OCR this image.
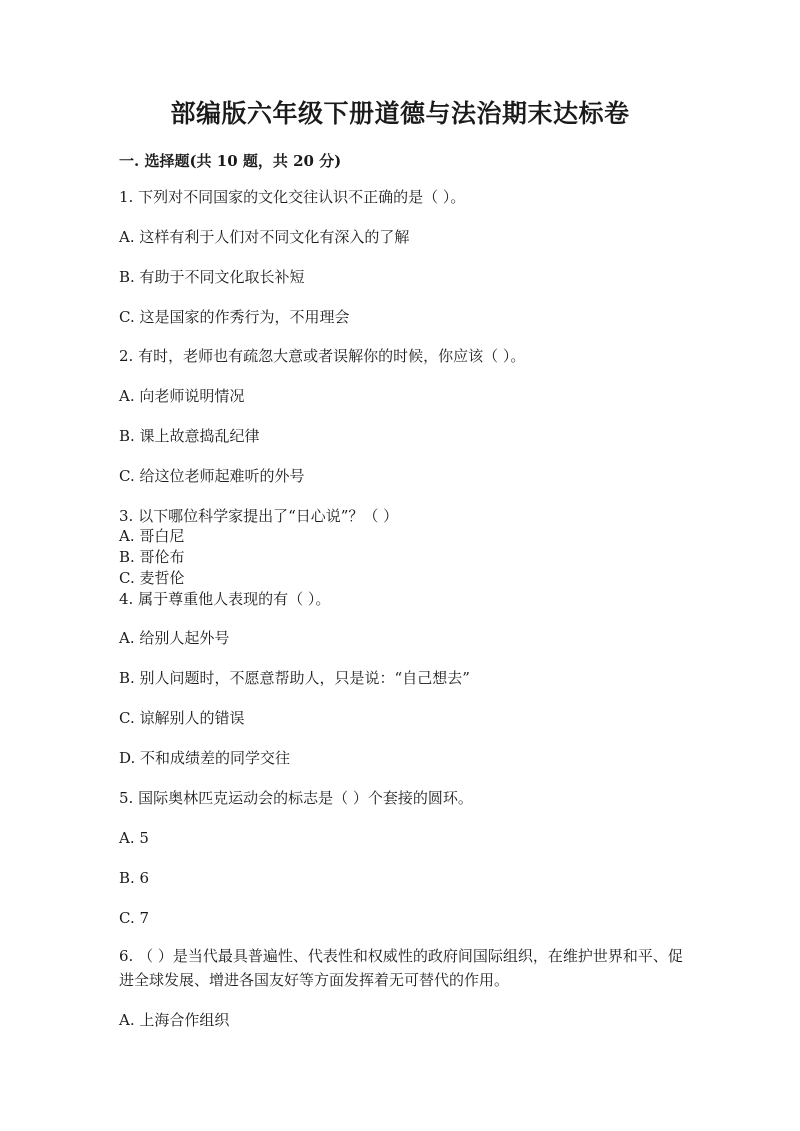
部编版六年级下册道德与法治期末达标卷
一. 选择题(共 10 题，共 20 分)
1. 下列对不同国家的文化交往认识不正确的是（ ）。
A. 这样有利于人们对不同文化有深入的了解
B. 有助于不同文化取长补短
C. 这是国家的作秀行为，不用理会
2. 有时，老师也有疏忽大意或者误解你的时候，你应该（ ）。
A. 向老师说明情况
B. 课上故意捣乱纪律
C. 给这位老师起难听的外号
3. 以下哪位科学家提出了“日心说”？（ ）
A. 哥白尼
B. 哥伦布
C. 麦哲伦
4. 属于尊重他人表现的有（ ）。
A. 给别人起外号
B. 别人问题时，不愿意帮助人，只是说：“自己想去”
C. 谅解别人的错误
D. 不和成绩差的同学交往
5. 国际奥林匹克运动会的标志是（ ）个套接的圆环。
A. 5
B. 6
C. 7
6. （ ）是当代最具普遍性、代表性和权威性的政府间国际组织，在维护世界和平、促进全球发展、增进各国友好等方面发挥着无可替代的作用。
A. 上海合作组织
